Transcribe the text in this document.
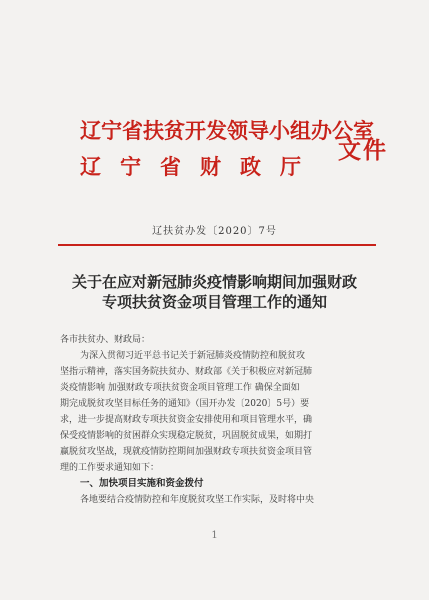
辽宁省扶贫开发领导小组办公室
辽宁省财政厅
文件
辽扶贫办发〔2020〕7号
关于在应对新冠肺炎疫情影响期间加强财政
专项扶贫资金项目管理工作的通知
各市扶贫办、财政局：
为深入贯彻习近平总书记关于新冠肺炎疫情防控和脱贫攻
坚指示精神，落实国务院扶贫办、财政部《关于积极应对新冠肺
炎疫情影响 加强财政专项扶贫资金项目管理工作 确保全面如
期完成脱贫攻坚目标任务的通知》（国开办发〔2020〕5号）要
求，进一步提高财政专项扶贫资金安排使用和项目管理水平，确
保受疫情影响的贫困群众实现稳定脱贫，巩固脱贫成果，如期打
赢脱贫攻坚战，现就疫情防控期间加强财政专项扶贫资金项目管
理的工作要求通知如下：
一、加快项目实施和资金拨付
各地要结合疫情防控和年度脱贫攻坚工作实际，及时将中央
1
